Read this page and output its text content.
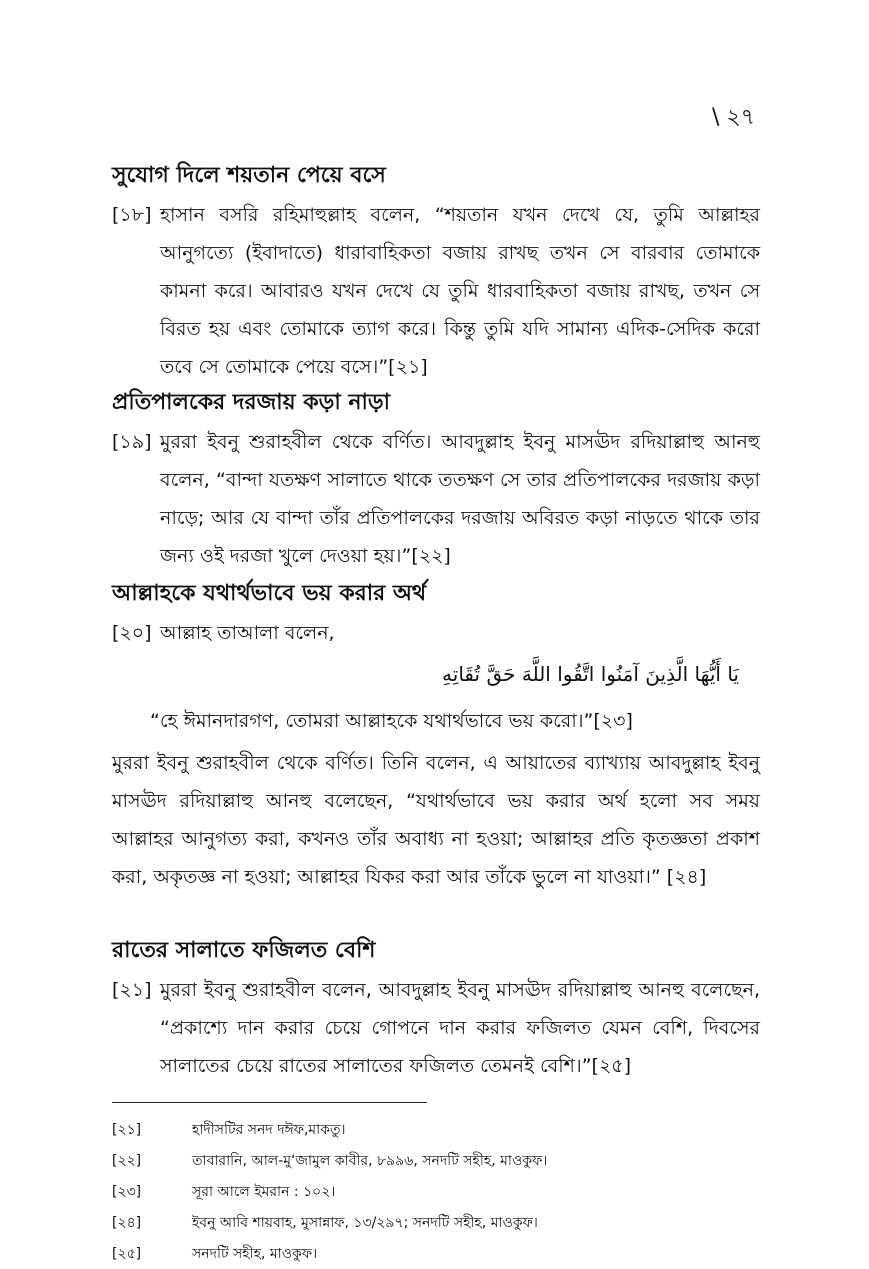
\ ২৭
সুযোগ দিলে শয়তান পেয়ে বসে
[১৮] হাসান বসরি রহিমাহুল্লাহ বলেন, “শয়তান যখন দেখে যে, তুমি আল্লাহর আনুগত্যে (ইবাদাতে) ধারাবাহিকতা বজায় রাখছ তখন সে বারবার তোমাকে কামনা করে। আবারও যখন দেখে যে তুমি ধারবাহিকতা বজায় রাখছ, তখন সে বিরত হয় এবং তোমাকে ত্যাগ করে। কিন্তু তুমি যদি সামান্য এদিক-সেদিক করো তবে সে তোমাকে পেয়ে বসে।”[২১]
প্রতিপালকের দরজায় কড়া নাড়া
[১৯] মুররা ইবনু শুরাহবীল থেকে বর্ণিত। আবদুল্লাহ ইবনু মাসঊদ রদিয়াল্লাহু আনহু বলেন, “বান্দা যতক্ষণ সালাতে থাকে ততক্ষণ সে তার প্রতিপালকের দরজায় কড়া নাড়ে; আর যে বান্দা তাঁর প্রতিপালকের দরজায় অবিরত কড়া নাড়তে থাকে তার জন্য ওই দরজা খুলে দেওয়া হয়।”[২২]
আল্লাহকে যথার্থভাবে ভয় করার অর্থ
[২০] আল্লাহ তাআলা বলেন,
يَا أَيُّهَا الَّذِينَ آمَنُوا اتَّقُوا اللَّهَ حَقَّ تُقَاتِهِ
“হে ঈমানদারগণ, তোমরা আল্লাহকে যথার্থভাবে ভয় করো।”[২৩]
মুররা ইবনু শুরাহবীল থেকে বর্ণিত। তিনি বলেন, এ আয়াতের ব্যাখ্যায় আবদুল্লাহ ইবনু মাসঊদ রদিয়াল্লাহু আনহু বলেছেন, “যথার্থভাবে ভয় করার অর্থ হলো সব সময় আল্লাহর আনুগত্য করা, কখনও তাঁর অবাধ্য না হওয়া; আল্লাহর প্রতি কৃতজ্ঞতা প্রকাশ করা, অকৃতজ্ঞ না হওয়া; আল্লাহর যিকর করা আর তাঁকে ভুলে না যাওয়া।” [২৪]
রাতের সালাতে ফজিলত বেশি
[২১] মুররা ইবনু শুরাহবীল বলেন, আবদুল্লাহ ইবনু মাসঊদ রদিয়াল্লাহু আনহু বলেছেন, “প্রকাশ্যে দান করার চেয়ে গোপনে দান করার ফজিলত যেমন বেশি, দিবসের সালাতের চেয়ে রাতের সালাতের ফজিলত তেমনই বেশি।”[২৫]
[২১]	হাদীসটির সনদ দঈফ,মাকতু।
[২২]	তাবারানি, আল-মু‘জামুল কাবীর, ৮৯৯৬, সনদটি সহীহ, মাওকুফ।
[২৩]	সূরা আলে ইমরান : ১০২।
[২৪]	ইবনু আবি শায়বাহ, মুসান্নাফ, ১৩/২৯৭; সনদটি সহীহ, মাওকুফ।
[২৫]	সনদটি সহীহ, মাওকুফ।
